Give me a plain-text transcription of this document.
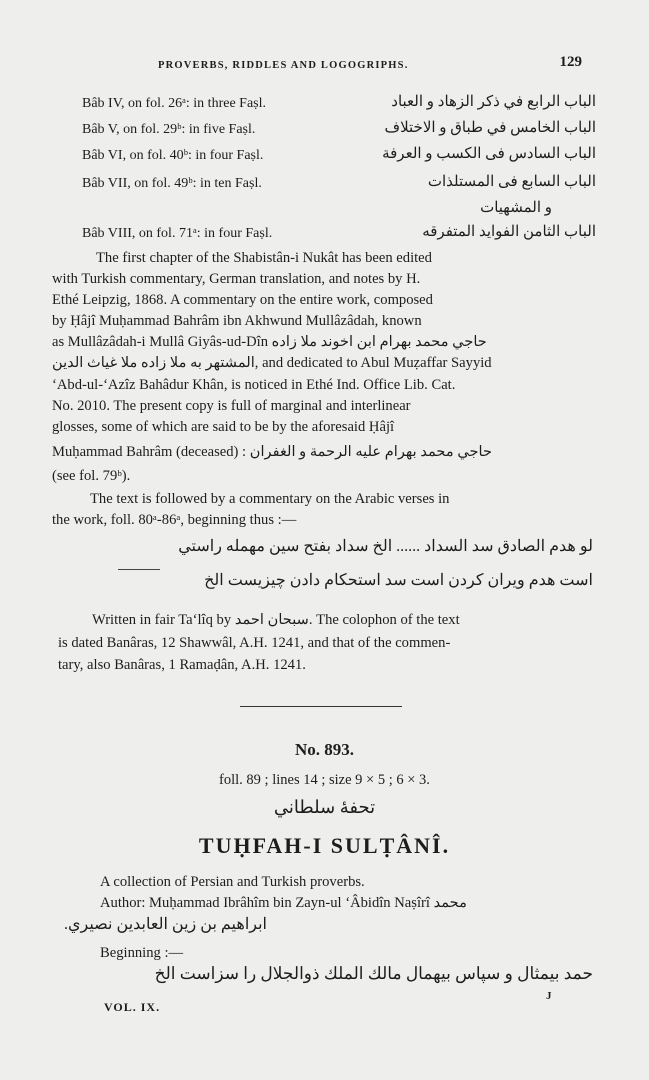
PROVERBS, RIDDLES AND LOGOGRIPHS.	129
Bâb IV, on fol. 26ᵃ: in three Faṣl.	الباب الرابع في ذكر الزهاد و العباد
Bâb V, on fol. 29ᵇ: in five Faṣl.	الباب الخامس في طباق و الاختلاف
Bâb VI, on fol. 40ᵇ: in four Faṣl.	الباب السادس فى الكسب و العرفة
Bâb VII, on fol. 49ᵇ: in ten Faṣl.	الباب السابع فى المستلذات
و المشهيات
Bâb VIII, on fol. 71ᵃ: in four Faṣl.	الباب الثامن الفوايد المتفرقه
The first chapter of the Shabistân-i Nukât has been edited
with Turkish commentary, German translation, and notes by H.
Ethé Leipzig, 1868. A commentary on the entire work, composed
by Ḥâjî Muḥammad Bahrâm ibn Akhwund Mullâzâdah, known
as Mullâzâdah-i Mullâ Giyâs-ud-Dîn حاجي محمد بهرام ابن اخوند ملا زاده
المشتهر به ملا زاده ملا غياث الدين, and dedicated to Abul Muẓaffar Sayyid
‘Abd-ul-‘Azîz Bahâdur Khân, is noticed in Ethé Ind. Office Lib. Cat.
No. 2010. The present copy is full of marginal and interlinear
glosses, some of which are said to be by the aforesaid Ḥâjî
Muḥammad Bahrâm (deceased) : حاجي محمد بهرام عليه الرحمة و الغفران
(see fol. 79ᵇ).
The text is followed by a commentary on the Arabic verses in
the work, foll. 80ᵃ-86ᵃ, beginning thus :—
لو هدم الصادق سد السداد ...... الخ سداد بفتح سين مهمله راستي
است هدم ويران كردن است سد استحكام دادن چيزيست الخ
Written in fair Ta‘lîq by سبحان احمد. The colophon of the text
is dated Banâras, 12 Shawwâl, A.H. 1241, and that of the commen-
tary, also Banâras, 1 Ramaḍân, A.H. 1241.
No. 893.
foll. 89 ; lines 14 ; size 9 × 5 ; 6 × 3.
تحفهٔ سلطاني
TUḤFAH-I SULṬÂNÎ.
A collection of Persian and Turkish proverbs.
Author: Muḥammad Ibrâhîm bin Zayn-ul ‘Âbidîn Naṣîrî محمد
ابراهيم بن زين العابدين نصيري.
Beginning :—
حمد بيمثال و سپاس بيهمال مالك الملك ذوالجلال را سزاست الخ
VOL. IX.
J
